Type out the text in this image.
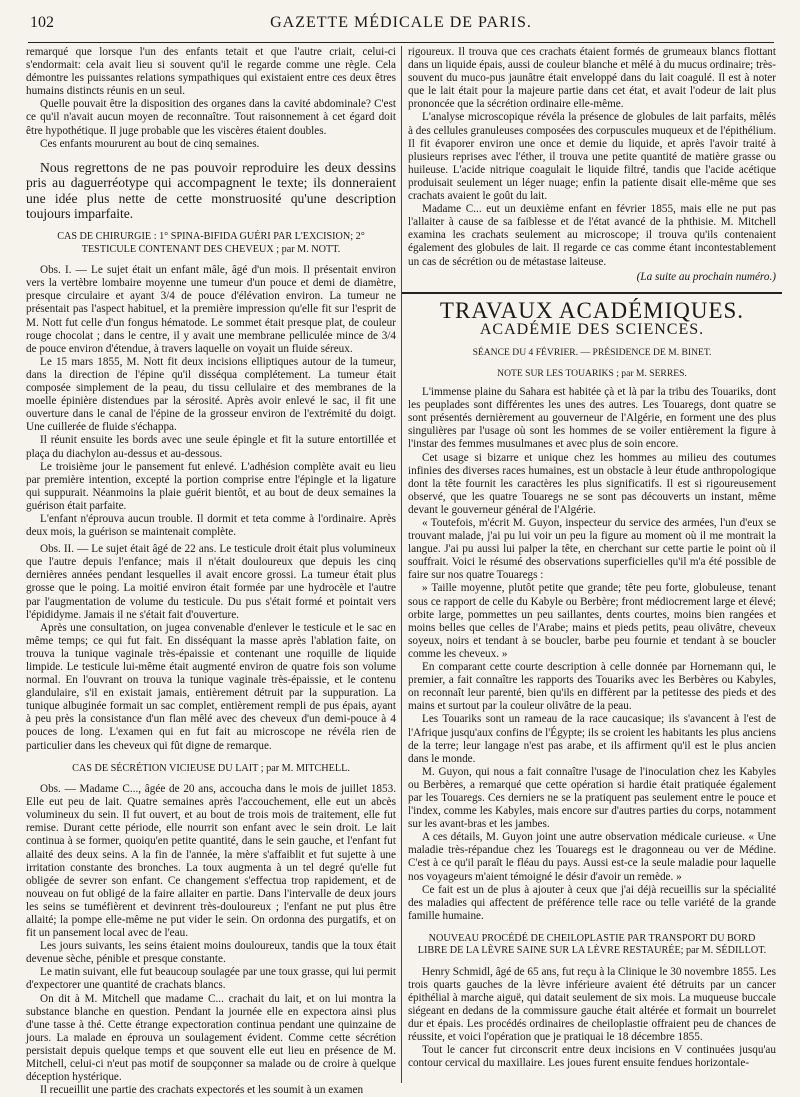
102	GAZETTE MÉDICALE DE PARIS.

remarqué que lorsque l'un des enfants tetait et que l'autre criait, celui-ci s'endormait: cela avait lieu si souvent qu'il le regarde comme une règle. Cela démontre les puissantes relations sympathiques qui existaient entre ces deux êtres humains distincts réunis en un seul.

Quelle pouvait être la disposition des organes dans la cavité abdominale? C'est ce qu'il n'avait aucun moyen de reconnaître. Tout raisonnement à cet égard doit être hypothétique. Il juge probable que les viscères étaient doubles.

Ces enfants moururent au bout de cinq semaines.

Nous regrettons de ne pas pouvoir reproduire les deux dessins pris au daguerréotype qui accompagnent le texte; ils donneraient une idée plus nette de cette monstruosité qu'une description toujours imparfaite.

CAS DE CHIRURGIE : 1° SPINA-BIFIDA GUÉRI PAR L'EXCISION; 2° TESTICULE CONTENANT DES CHEVEUX ; par M. NOTT.

Obs. I. — Le sujet était un enfant mâle, âgé d'un mois. Il présentait environ vers la vertèbre lombaire moyenne une tumeur d'un pouce et demi de diamètre, presque circulaire et ayant 3/4 de pouce d'élévation environ. La tumeur ne présentait pas l'aspect habituel, et la première impression qu'elle fit sur l'esprit de M. Nott fut celle d'un fongus hématode. Le sommet était presque plat, de couleur rouge chocolat ; dans le centre, il y avait une membrane pelliculée mince de 3/4 de pouce environ d'étendue, à travers laquelle on voyait un fluide séreux.

Le 15 mars 1855, M. Nott fit deux incisions elliptiques autour de la tumeur, dans la direction de l'épine qu'il disséqua complétement. La tumeur était composée simplement de la peau, du tissu cellulaire et des membranes de la moelle épinière distendues par la sérosité. Après avoir enlevé le sac, il fit une ouverture dans le canal de l'épine de la grosseur environ de l'extrémité du doigt. Une cuillerée de fluide s'échappa.

Il réunit ensuite les bords avec une seule épingle et fit la suture entortillée et plaça du diachylon au-dessus et au-dessous.

Le troisième jour le pansement fut enlevé. L'adhésion complète avait eu lieu par première intention, excepté la portion comprise entre l'épingle et la ligature qui suppurait. Néanmoins la plaie guérit bientôt, et au bout de deux semaines la guérison était parfaite.

L'enfant n'éprouva aucun trouble. Il dormit et teta comme à l'ordinaire. Après deux mois, la guérison se maintenait complète.

Obs. II. — Le sujet était âgé de 22 ans. Le testicule droit était plus volumineux que l'autre depuis l'enfance; mais il n'était douloureux que depuis les cinq dernières années pendant lesquelles il avait encore grossi. La tumeur était plus grosse que le poing. La moitié environ était formée par une hydrocèle et l'autre par l'augmentation de volume du testicule. Du pus s'était formé et pointait vers l'épididyme. Jamais il ne s'était fait d'ouverture.

Après une consultation, on jugea convenable d'enlever le testicule et le sac en même temps; ce qui fut fait. En disséquant la masse après l'ablation faite, on trouva la tunique vaginale très-épaissie et contenant une roquille de liquide limpide. Le testicule lui-même était augmenté environ de quatre fois son volume normal. En l'ouvrant on trouva la tunique vaginale très-épaissie, et le contenu glandulaire, s'il en existait jamais, entièrement détruit par la suppuration. La tunique albuginée formait un sac complet, entièrement rempli de pus épais, ayant à peu près la consistance d'un flan mêlé avec des cheveux d'un demi-pouce à 4 pouces de long. L'examen qui en fut fait au microscope ne révéla rien de particulier dans les cheveux qui fût digne de remarque.

CAS DE SÉCRÉTION VICIEUSE DU LAIT ; par M. MITCHELL.

Obs. — Madame C..., âgée de 20 ans, accoucha dans le mois de juillet 1853. Elle eut peu de lait. Quatre semaines après l'accouchement, elle eut un abcès volumineux du sein. Il fut ouvert, et au bout de trois mois de traitement, elle fut remise. Durant cette période, elle nourrit son enfant avec le sein droit. Le lait continua à se former, quoiqu'en petite quantité, dans le sein gauche, et l'enfant fut allaité des deux seins. A la fin de l'année, la mère s'affaiblit et fut sujette à une irritation constante des bronches. La toux augmenta à un tel degré qu'elle fut obligée de sevrer son enfant. Ce changement s'effectua trop rapidement, et de nouveau on fut obligé de la faire allaiter en partie. Dans l'intervalle de deux jours les seins se tuméfièrent et devinrent très-douloureux ; l'enfant ne put plus être allaité; la pompe elle-même ne put vider le sein. On ordonna des purgatifs, et on fit un pansement local avec de l'eau.

Les jours suivants, les seins étaient moins douloureux, tandis que la toux était devenue sèche, pénible et presque constante.

Le matin suivant, elle fut beaucoup soulagée par une toux grasse, qui lui permit d'expectorer une quantité de crachats blancs.

On dit à M. Mitchell que madame C... crachait du lait, et on lui montra la substance blanche en question. Pendant la journée elle en expectora ainsi plus d'une tasse à thé. Cette étrange expectoration continua pendant une quinzaine de jours. La malade en éprouva un soulagement évident. Comme cette sécrétion persistait depuis quelque temps et que souvent elle eut lieu en présence de M. Mitchell, celui-ci n'eut pas motif de soupçonner sa malade ou de croire à quelque déception hystérique.

Il recueillit une partie des crachats expectorés et les soumit à un examen

rigoureux. Il trouva que ces crachats étaient formés de grumeaux blancs flottant dans un liquide épais, aussi de couleur blanche et mêlé à du mucus ordinaire; très-souvent du muco-pus jaunâtre était enveloppé dans du lait coagulé. Il est à noter que le lait était pour la majeure partie dans cet état, et avait l'odeur de lait plus prononcée que la sécrétion ordinaire elle-même.

L'analyse microscopique révéla la présence de globules de lait parfaits, mêlés à des cellules granuleuses composées des corpuscules muqueux et de l'épithélium. Il fit évaporer environ une once et demie du liquide, et après l'avoir traité à plusieurs reprises avec l'éther, il trouva une petite quantité de matière grasse ou huileuse. L'acide nitrique coagulait le liquide filtré, tandis que l'acide acétique produisait seulement un léger nuage; enfin la patiente disait elle-même que ses crachats avaient le goût du lait.

Madame C... eut un deuxième enfant en février 1855, mais elle ne put pas l'allaiter à cause de sa faiblesse et de l'état avancé de la phthisie. M. Mitchell examina les crachats seulement au microscope; il trouva qu'ils contenaient également des globules de lait. Il regarde ce cas comme étant incontestablement un cas de sécrétion ou de métastase laiteuse.

(La suite au prochain numéro.)

TRAVAUX ACADÉMIQUES.

ACADÉMIE DES SCIENCES.

SÉANCE DU 4 FÉVRIER. — PRÉSIDENCE DE M. BINET.

NOTE SUR LES TOUARIKS ; par M. SERRES.

L'immense plaine du Sahara est habitée çà et là par la tribu des Touariks, dont les peuplades sont différentes les unes des autres. Les Touaregs, dont quatre se sont présentés dernièrement au gouverneur de l'Algérie, en forment une des plus singulières par l'usage où sont les hommes de se voiler entièrement la figure à l'instar des femmes musulmanes et avec plus de soin encore.

Cet usage si bizarre et unique chez les hommes au milieu des coutumes infinies des diverses races humaines, est un obstacle à leur étude anthropologique dont la tête fournit les caractères les plus significatifs. Il est si rigoureusement observé, que les quatre Touaregs ne se sont pas découverts un instant, même devant le gouverneur général de l'Algérie.

« Toutefois, m'écrit M. Guyon, inspecteur du service des armées, l'un d'eux se trouvant malade, j'ai pu lui voir un peu la figure au moment où il me montrait la langue. J'ai pu aussi lui palper la tête, en cherchant sur cette partie le point où il souffrait. Voici le résumé des observations superficielles qu'il m'a été possible de faire sur nos quatre Touaregs :

» Taille moyenne, plutôt petite que grande; tête peu forte, globuleuse, tenant sous ce rapport de celle du Kabyle ou Berbère; front médiocrement large et élevé; orbite large, pommettes un peu saillantes, dents courtes, moins bien rangées et moins belles que celles de l'Arabe; mains et pieds petits, peau olivâtre, cheveux soyeux, noirs et tendant à se boucler, barbe peu fournie et tendant à se boucler comme les cheveux. »

En comparant cette courte description à celle donnée par Hornemann qui, le premier, a fait connaître les rapports des Touariks avec les Berbères ou Kabyles, on reconnaît leur parenté, bien qu'ils en diffèrent par la petitesse des pieds et des mains et surtout par la couleur olivâtre de la peau.

Les Touariks sont un rameau de la race caucasique; ils s'avancent à l'est de l'Afrique jusqu'aux confins de l'Égypte; ils se croient les habitants les plus anciens de la terre; leur langage n'est pas arabe, et ils affirment qu'il est le plus ancien dans le monde.

M. Guyon, qui nous a fait connaître l'usage de l'inoculation chez les Kabyles ou Berbères, a remarqué que cette opération si hardie était pratiquée également par les Touaregs. Ces derniers ne se la pratiquent pas seulement entre le pouce et l'index, comme les Kabyles, mais encore sur d'autres parties du corps, notamment sur les avant-bras et les jambes.

A ces détails, M. Guyon joint une autre observation médicale curieuse. « Une maladie très-répandue chez les Touaregs est le dragonneau ou ver de Médine. C'est à ce qu'il paraît le fléau du pays. Aussi est-ce la seule maladie pour laquelle nos voyageurs m'aient témoigné le désir d'avoir un remède. »

Ce fait est un de plus à ajouter à ceux que j'ai déjà recueillis sur la spécialité des maladies qui affectent de préférence telle race ou telle variété de la grande famille humaine.

NOUVEAU PROCÉDÉ DE CHEILOPLASTIE PAR TRANSPORT DU BORD LIBRE DE LA LÈVRE SAINE SUR LA LÈVRE RESTAURÉE; par M. SÉDILLOT.

Henry Schmidl, âgé de 65 ans, fut reçu à la Clinique le 30 novembre 1855. Les trois quarts gauches de la lèvre inférieure avaient été détruits par un cancer épithélial à marche aiguë, qui datait seulement de six mois. La muqueuse buccale siégeant en dedans de la commissure gauche était altérée et formait un bourrelet dur et épais. Les procédés ordinaires de cheiloplastie offraient peu de chances de réussite, et voici l'opération que je pratiquai le 18 décembre 1855.

Tout le cancer fut circonscrit entre deux incisions en V continuées jusqu'au contour cervical du maxillaire. Les joues furent ensuite fendues horizontale-
